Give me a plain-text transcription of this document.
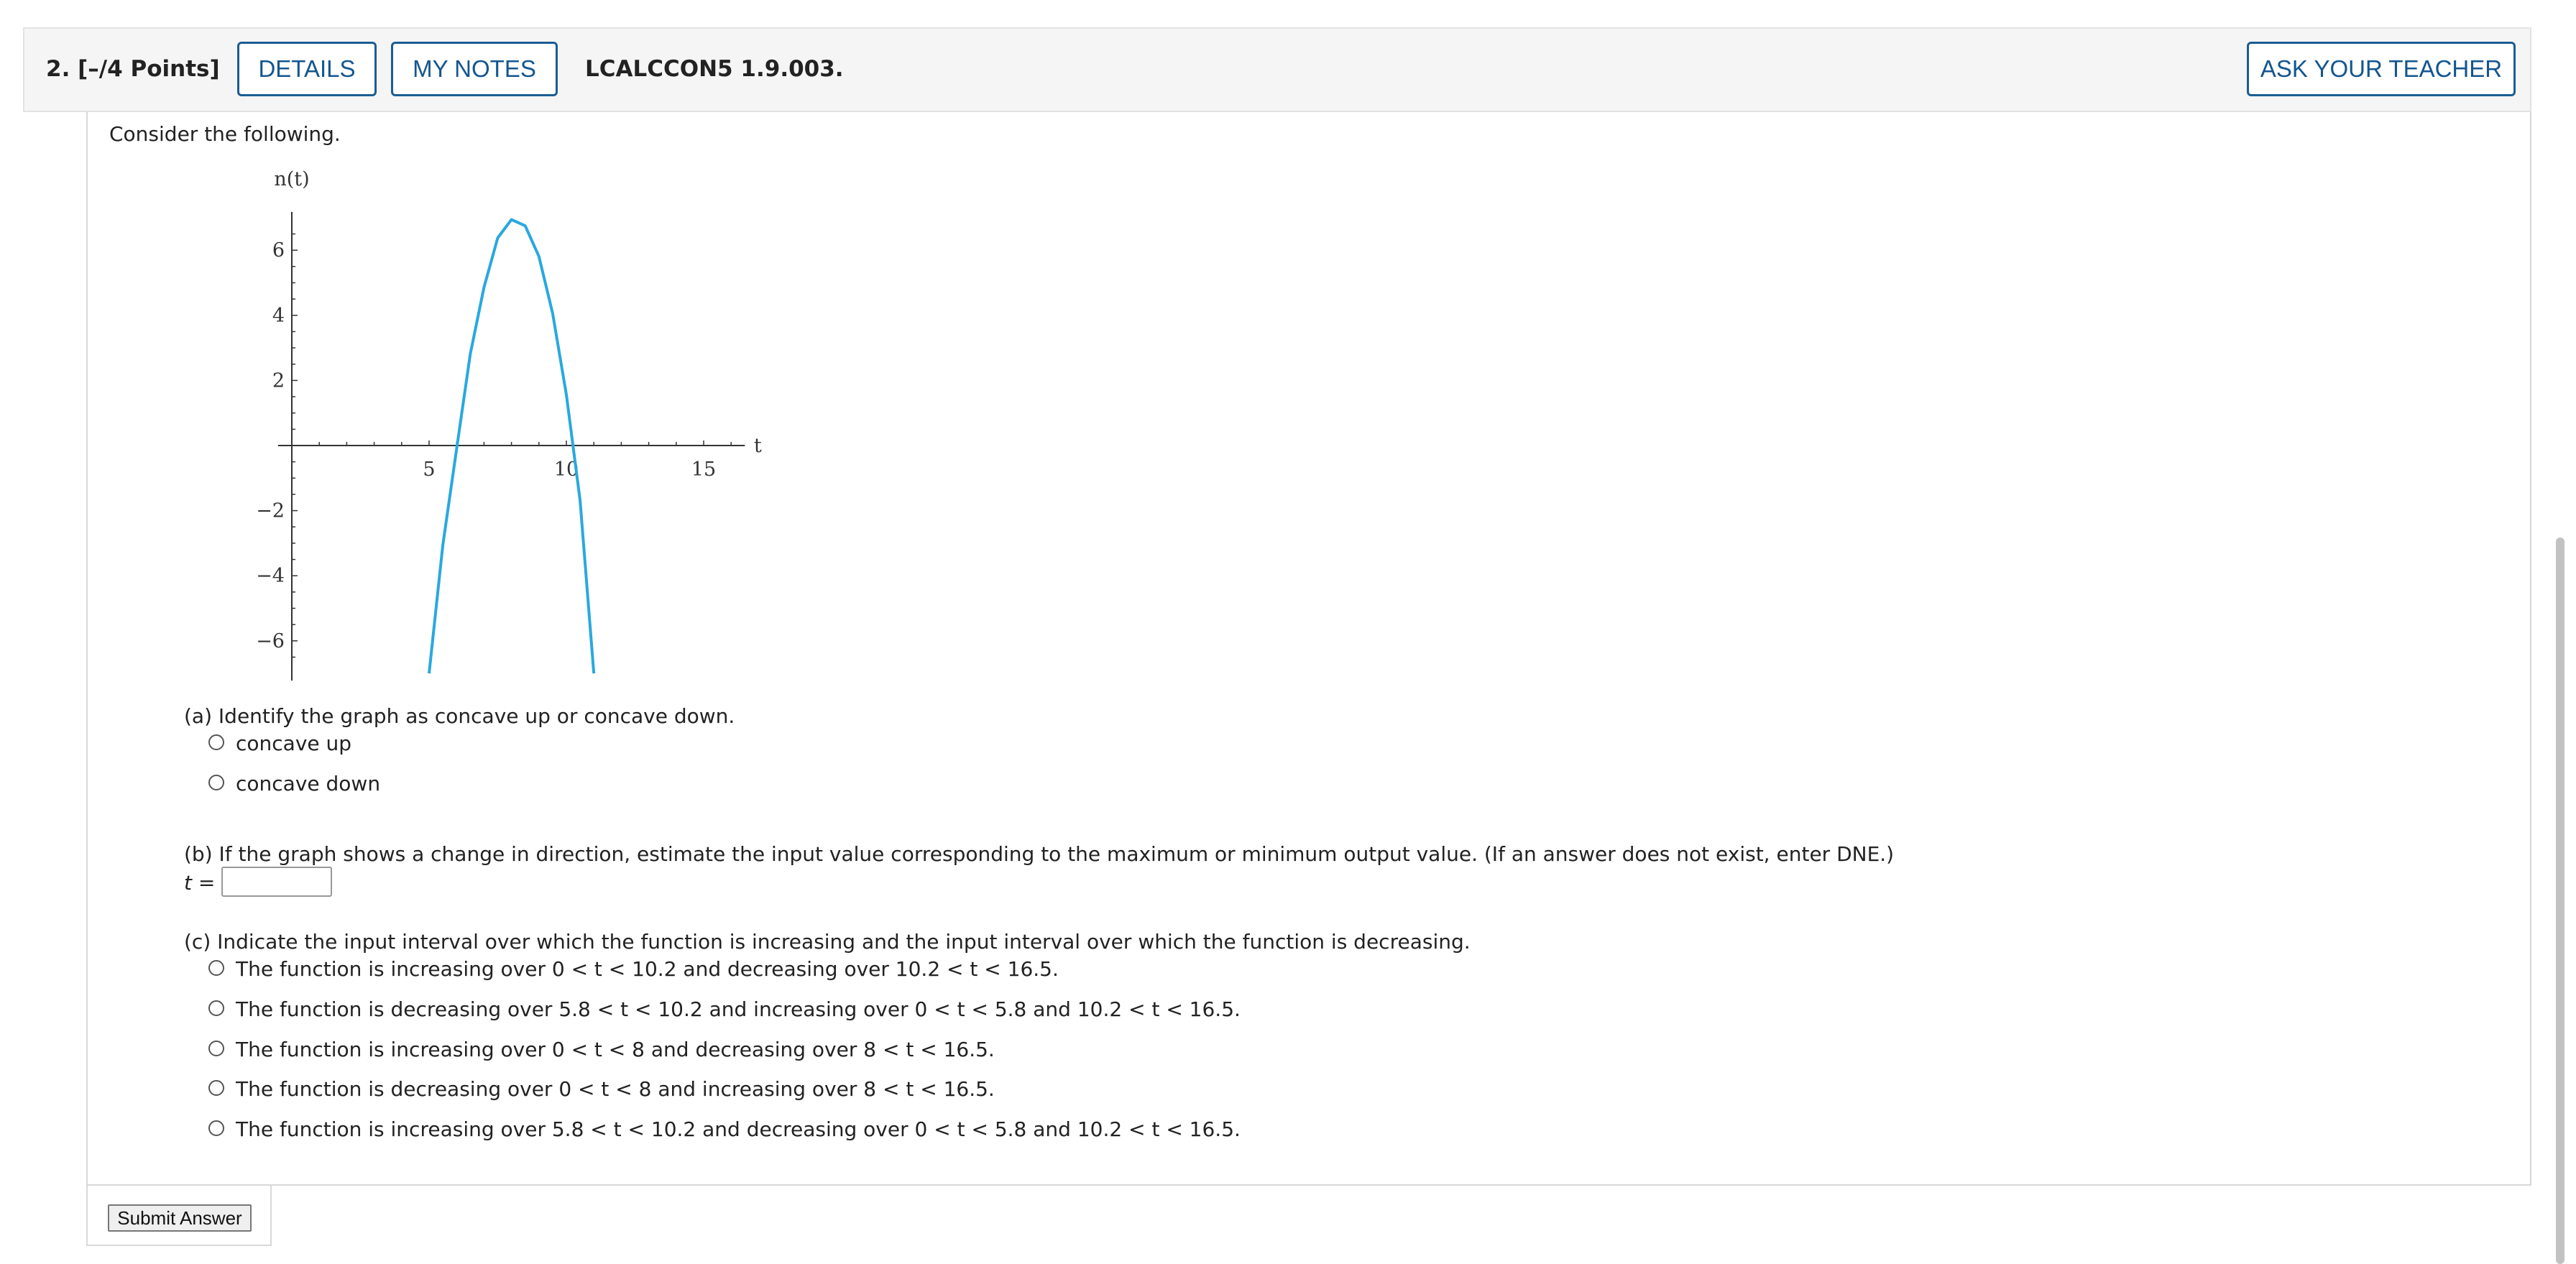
2. [–/4 Points]	DETAILS	MY NOTES	LCALCCON5 1.9.003.	ASK YOUR TEACHER
Consider the following.
n(t)
t
5	10	15
6
4
2
−2
−4
−6
(a) Identify the graph as concave up or concave down.
concave up
concave down
(b) If the graph shows a change in direction, estimate the input value corresponding to the maximum or minimum output value. (If an answer does not exist, enter DNE.)
t =
(c) Indicate the input interval over which the function is increasing and the input interval over which the function is decreasing.
The function is increasing over 0 < t < 10.2 and decreasing over 10.2 < t < 16.5.
The function is decreasing over 5.8 < t < 10.2 and increasing over 0 < t < 5.8 and 10.2 < t < 16.5.
The function is increasing over 0 < t < 8 and decreasing over 8 < t < 16.5.
The function is decreasing over 0 < t < 8 and increasing over 8 < t < 16.5.
The function is increasing over 5.8 < t < 10.2 and decreasing over 0 < t < 5.8 and 10.2 < t < 16.5.
Submit Answer
